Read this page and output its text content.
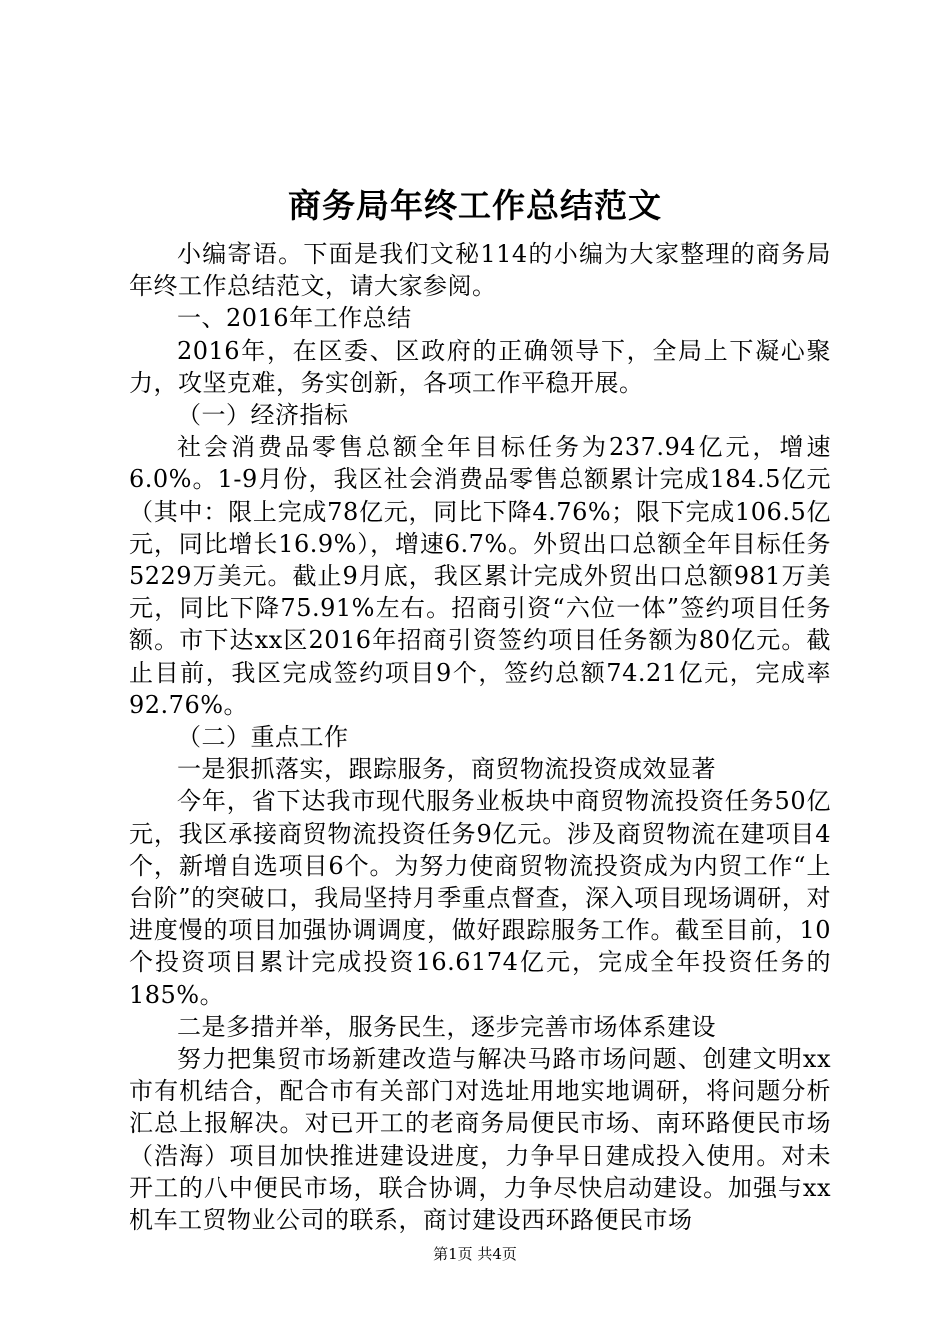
商务局年终工作总结范文

小编寄语。下面是我们文秘114的小编为大家整理的商务局年终工作总结范文，请大家参阅。

一、2016年工作总结

2016年，在区委、区政府的正确领导下，全局上下凝心聚力，攻坚克难，务实创新，各项工作平稳开展。

（一）经济指标

社会消费品零售总额全年目标任务为237.94亿元，增速6.0%。1-9月份，我区社会消费品零售总额累计完成184.5亿元（其中：限上完成78亿元，同比下降4.76%；限下完成106.5亿元，同比增长16.9%），增速6.7%。外贸出口总额全年目标任务5229万美元。截止9月底，我区累计完成外贸出口总额981万美元，同比下降75.91%左右。招商引资“六位一体”签约项目任务额。市下达xx区2016年招商引资签约项目任务额为80亿元。截止目前，我区完成签约项目9个，签约总额74.21亿元，完成率92.76%。

（二）重点工作

一是狠抓落实，跟踪服务，商贸物流投资成效显著

今年，省下达我市现代服务业板块中商贸物流投资任务50亿元，我区承接商贸物流投资任务9亿元。涉及商贸物流在建项目4个，新增自选项目6个。为努力使商贸物流投资成为内贸工作“上台阶”的突破口，我局坚持月季重点督查，深入项目现场调研，对进度慢的项目加强协调调度，做好跟踪服务工作。截至目前，10个投资项目累计完成投资16.6174亿元，完成全年投资任务的185%。

二是多措并举，服务民生，逐步完善市场体系建设

努力把集贸市场新建改造与解决马路市场问题、创建文明xx市有机结合，配合市有关部门对选址用地实地调研，将问题分析汇总上报解决。对已开工的老商务局便民市场、南环路便民市场（浩海）项目加快推进建设进度，力争早日建成投入使用。对未开工的八中便民市场，联合协调，力争尽快启动建设。加强与xx机车工贸物业公司的联系，商讨建设西环路便民市场

第1页 共4页
